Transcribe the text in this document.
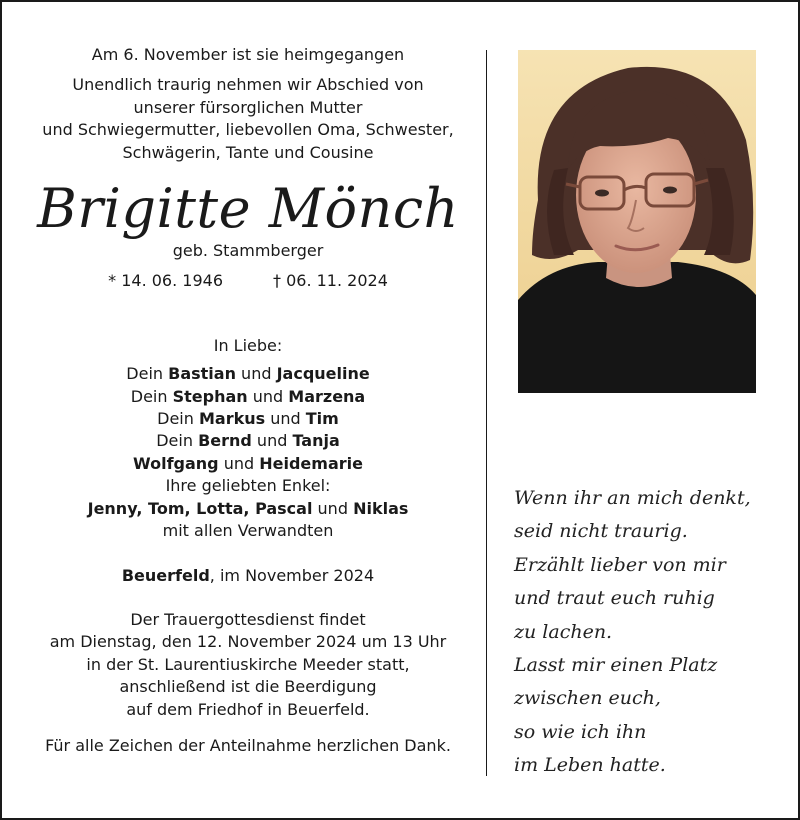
Am 6. November ist sie heimgegangen
Unendlich traurig nehmen wir Abschied von
unserer fürsorglichen Mutter
und Schwiegermutter, liebevollen Oma, Schwester,
Schwägerin, Tante und Cousine
Brigitte Mönch
geb. Stammberger
* 14. 06. 1946	† 06. 11. 2024
In Liebe:
Dein Bastian und Jacqueline
Dein Stephan und Marzena
Dein Markus und Tim
Dein Bernd und Tanja
Wolfgang und Heidemarie
Ihre geliebten Enkel:
Jenny, Tom, Lotta, Pascal und Niklas
mit allen Verwandten
Beuerfeld, im November 2024
Der Trauergottesdienst findet
am Dienstag, den 12. November 2024 um 13 Uhr
in der St. Laurentiuskirche Meeder statt,
anschließend ist die Beerdigung
auf dem Friedhof in Beuerfeld.
Für alle Zeichen der Anteilnahme herzlichen Dank.
Wenn ihr an mich denkt,
seid nicht traurig.
Erzählt lieber von mir
und traut euch ruhig
zu lachen.
Lasst mir einen Platz
zwischen euch,
so wie ich ihn
im Leben hatte.
